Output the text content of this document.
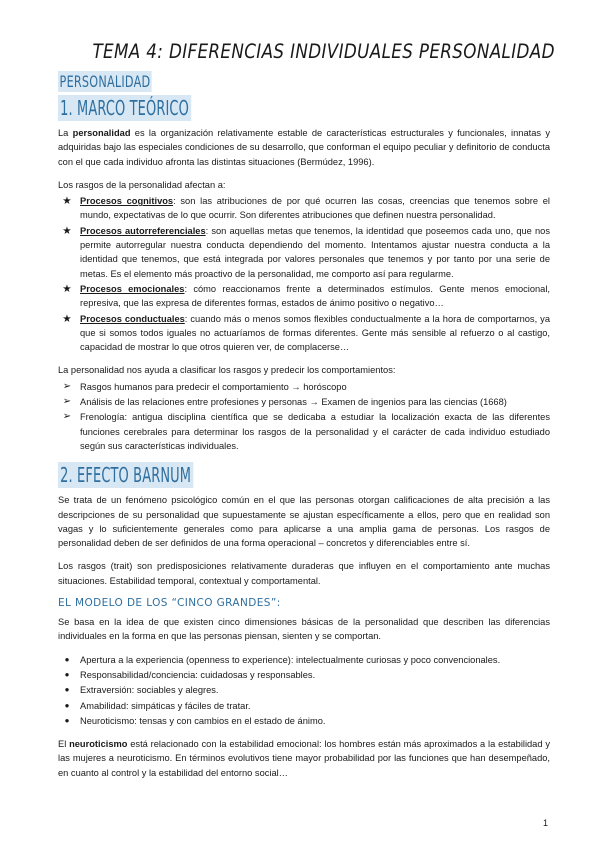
TEMA 4: DIFERENCIAS INDIVIDUALES PERSONALIDAD
PERSONALIDAD
1. MARCO TEÓRICO

La personalidad es la organización relativamente estable de características estructurales y funcionales, innatas y adquiridas bajo las especiales condiciones de su desarrollo, que conforman el equipo peculiar y definitorio de conducta con el que cada individuo afronta las distintas situaciones (Bermúdez, 1996).

Los rasgos de la personalidad afectan a:

★ Procesos cognitivos: son las atribuciones de por qué ocurren las cosas, creencias que tenemos sobre el mundo, expectativas de lo que ocurrir. Son diferentes atribuciones que definen nuestra personalidad.
★ Procesos autorreferenciales: son aquellas metas que tenemos, la identidad que poseemos cada uno, que nos permite autorregular nuestra conducta dependiendo del momento. Intentamos ajustar nuestra conducta a la identidad que tenemos, que está integrada por valores personales que tenemos y por tanto por una serie de metas. Es el elemento más proactivo de la personalidad, me comporto así para regularme.
★ Procesos emocionales: cómo reaccionamos frente a determinados estímulos. Gente menos emocional, represiva, que las expresa de diferentes formas, estados de ánimo positivo o negativo…
★ Procesos conductuales: cuando más o menos somos flexibles conductualmente a la hora de comportarnos, ya que si somos todos iguales no actuaríamos de formas diferentes. Gente más sensible al refuerzo o al castigo, capacidad de mostrar lo que otros quieren ver, de complacerse…

La personalidad nos ayuda a clasificar los rasgos y predecir los comportamientos:

➢ Rasgos humanos para predecir el comportamiento → horóscopo
➢ Análisis de las relaciones entre profesiones y personas → Examen de ingenios para las ciencias (1668)
➢ Frenología: antigua disciplina científica que se dedicaba a estudiar la localización exacta de las diferentes funciones cerebrales para determinar los rasgos de la personalidad y el carácter de cada individuo estudiado según sus características individuales.
2. EFECTO BARNUM

Se trata de un fenómeno psicológico común en el que las personas otorgan calificaciones de alta precisión a las descripciones de su personalidad que supuestamente se ajustan específicamente a ellos, pero que en realidad son vagas y lo suficientemente generales como para aplicarse a una amplia gama de personas. Los rasgos de personalidad deben de ser definidos de una forma operacional – concretos y diferenciables entre sí.

Los rasgos (trait) son predisposiciones relativamente duraderas que influyen en el comportamiento ante muchas situaciones. Estabilidad temporal, contextual y comportamental.

EL MODELO DE LOS “CINCO GRANDES”:

Se basa en la idea de que existen cinco dimensiones básicas de la personalidad que describen las diferencias individuales en la forma en que las personas piensan, sienten y se comportan.

●	Apertura a la experiencia (openness to experience): intelectualmente curiosas y poco convencionales.
●	Responsabilidad/conciencia: cuidadosas y responsables.
●	Extraversión: sociables y alegres.
●	Amabilidad: simpáticas y fáciles de tratar.
●	Neuroticismo: tensas y con cambios en el estado de ánimo.

El neuroticismo está relacionado con la estabilidad emocional: los hombres están más aproximados a la estabilidad y las mujeres a neuroticismo. En términos evolutivos tiene mayor probabilidad por las funciones que han desempeñado, en cuanto al control y la estabilidad del entorno social…

1
